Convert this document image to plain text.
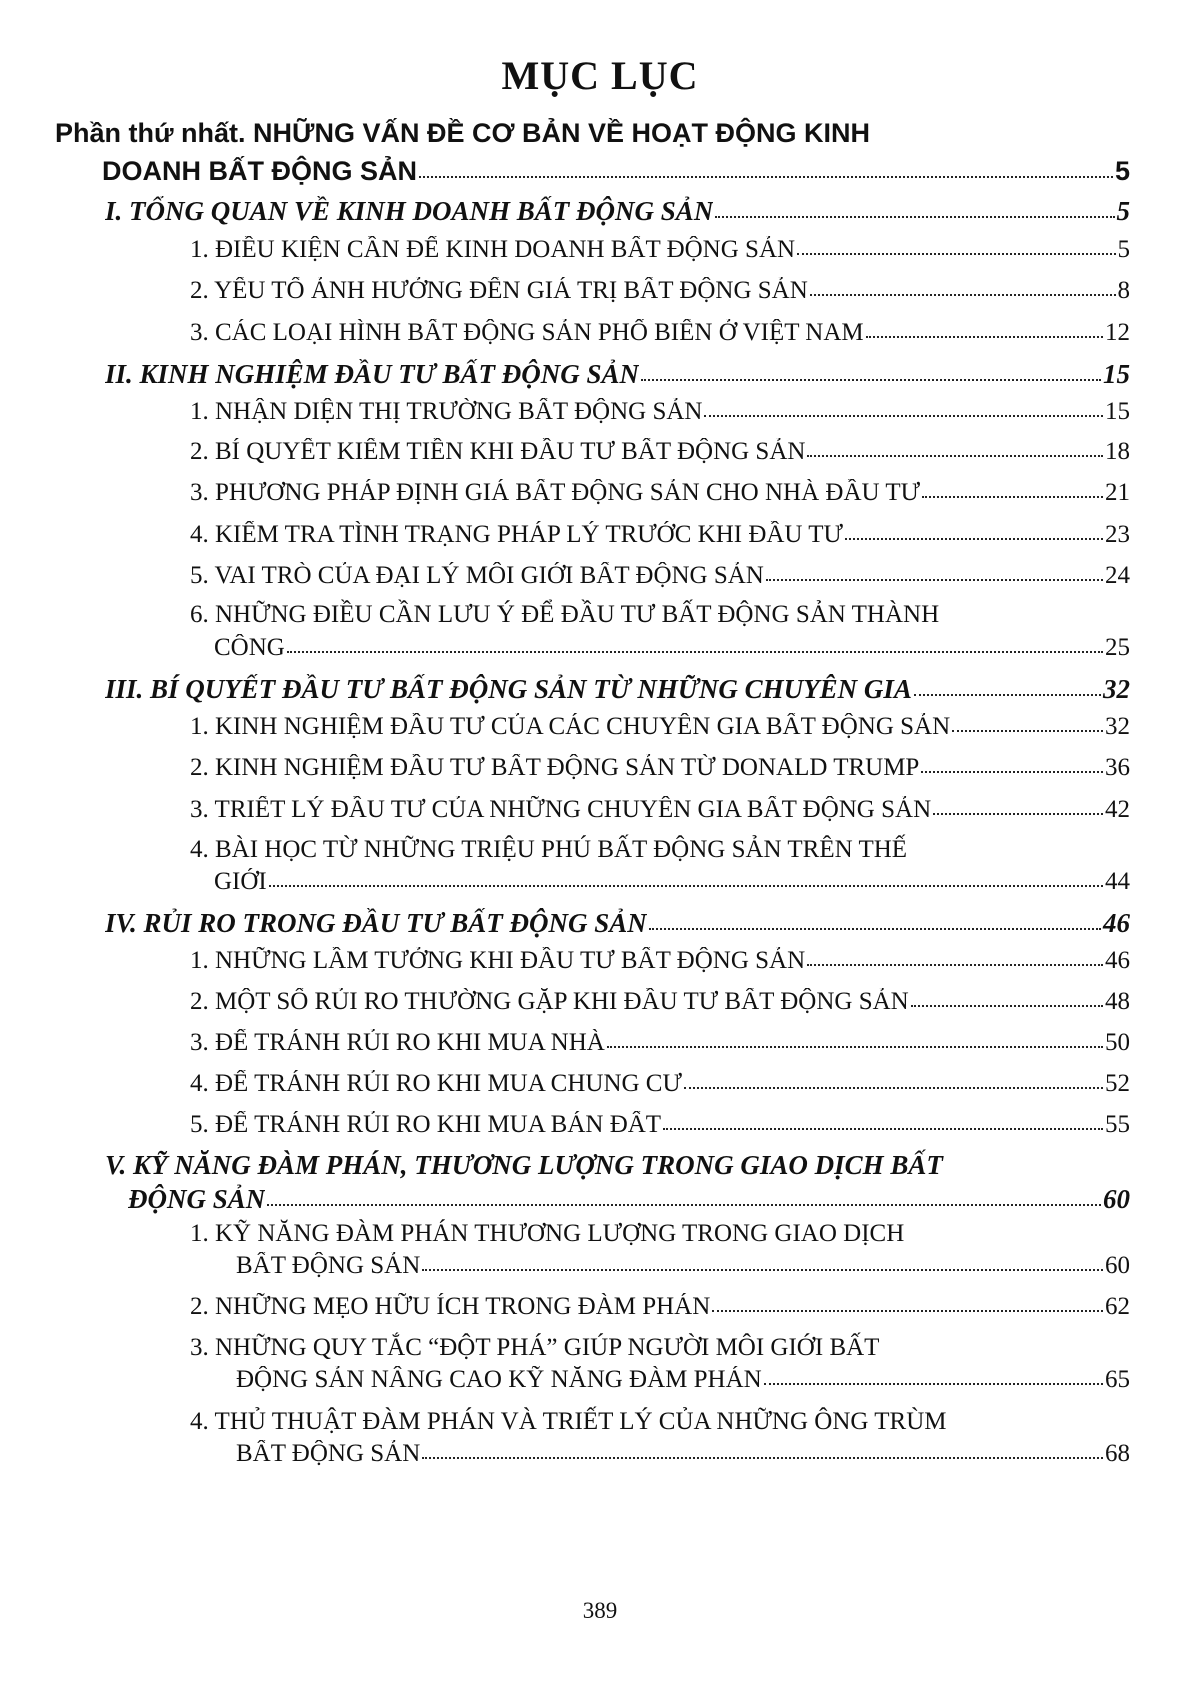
MỤC LỤC
Phần thứ nhất. NHỮNG VẤN ĐỀ CƠ BẢN VỀ HOẠT ĐỘNG KINH
DOANH BẤT ĐỘNG SẢN	5
I. TỔNG QUAN VỀ KINH DOANH BẤT ĐỘNG SẢN	5
1. ĐIỀU KIỆN CẦN ĐỂ KINH DOANH BẤT ĐỘNG SẢN	5
2. YẾU TỐ ẢNH HƯỞNG ĐẾN GIÁ TRỊ BẤT ĐỘNG SẢN	8
3. CÁC LOẠI HÌNH BẤT ĐỘNG SẢN PHỔ BIẾN Ở VIỆT NAM	12
II. KINH NGHIỆM ĐẦU TƯ BẤT ĐỘNG SẢN	15
1. NHẬN DIỆN THỊ TRƯỜNG BẤT ĐỘNG SẢN	15
2. BÍ QUYẾT KIẾM TIỀN KHI ĐẦU TƯ BẤT ĐỘNG SẢN	18
3. PHƯƠNG PHÁP ĐỊNH GIÁ BẤT ĐỘNG SẢN CHO NHÀ ĐẦU TƯ	21
4. KIỂM TRA TÌNH TRẠNG PHÁP LÝ TRƯỚC KHI ĐẦU TƯ	23
5. VAI TRÒ CỦA ĐẠI LÝ MÔI GIỚI BẤT ĐỘNG SẢN	24
6. NHỮNG ĐIỀU CẦN LƯU Ý ĐỂ ĐẦU TƯ BẤT ĐỘNG SẢN THÀNH
CÔNG	25
III. BÍ QUYẾT ĐẦU TƯ BẤT ĐỘNG SẢN TỪ NHỮNG CHUYÊN GIA	32
1. KINH NGHIỆM ĐẦU TƯ CỦA CÁC CHUYÊN GIA BẤT ĐỘNG SẢN	32
2. KINH NGHIỆM ĐẦU TƯ BẤT ĐỘNG SẢN TỪ DONALD TRUMP	36
3. TRIẾT LÝ ĐẦU TƯ CỦA NHỮNG CHUYÊN GIA BẤT ĐỘNG SẢN	42
4. BÀI HỌC TỪ NHỮNG TRIỆU PHÚ BẤT ĐỘNG SẢN TRÊN THẾ
GIỚI	44
IV. RỦI RO TRONG ĐẦU TƯ BẤT ĐỘNG SẢN	46
1. NHỮNG LẦM TƯỞNG KHI ĐẦU TƯ BẤT ĐỘNG SẢN	46
2. MỘT SỐ RỦI RO THƯỜNG GẶP KHI ĐẦU TƯ BẤT ĐỘNG SẢN	48
3. ĐỂ TRÁNH RỦI RO KHI MUA NHÀ	50
4. ĐỂ TRÁNH RỦI RO KHI MUA CHUNG CƯ	52
5. ĐỂ TRÁNH RỦI RO KHI MUA BÁN ĐẤT	55
V. KỸ NĂNG ĐÀM PHÁN, THƯƠNG LƯỢNG TRONG GIAO DỊCH BẤT
ĐỘNG SẢN	60
1. KỸ NĂNG ĐÀM PHÁN THƯƠNG LƯỢNG TRONG GIAO DỊCH
BẤT ĐỘNG SẢN	60
2. NHỮNG MẸO HỮU ÍCH TRONG ĐÀM PHÁN	62
3. NHỮNG QUY TẮC “ĐỘT PHÁ” GIÚP NGƯỜI MÔI GIỚI BẤT
ĐỘNG SẢN NÂNG CAO KỸ NĂNG ĐÀM PHÁN	65
4. THỦ THUẬT ĐÀM PHÁN VÀ TRIẾT LÝ CỦA NHỮNG ÔNG TRÙM
BẤT ĐỘNG SẢN	68
389
